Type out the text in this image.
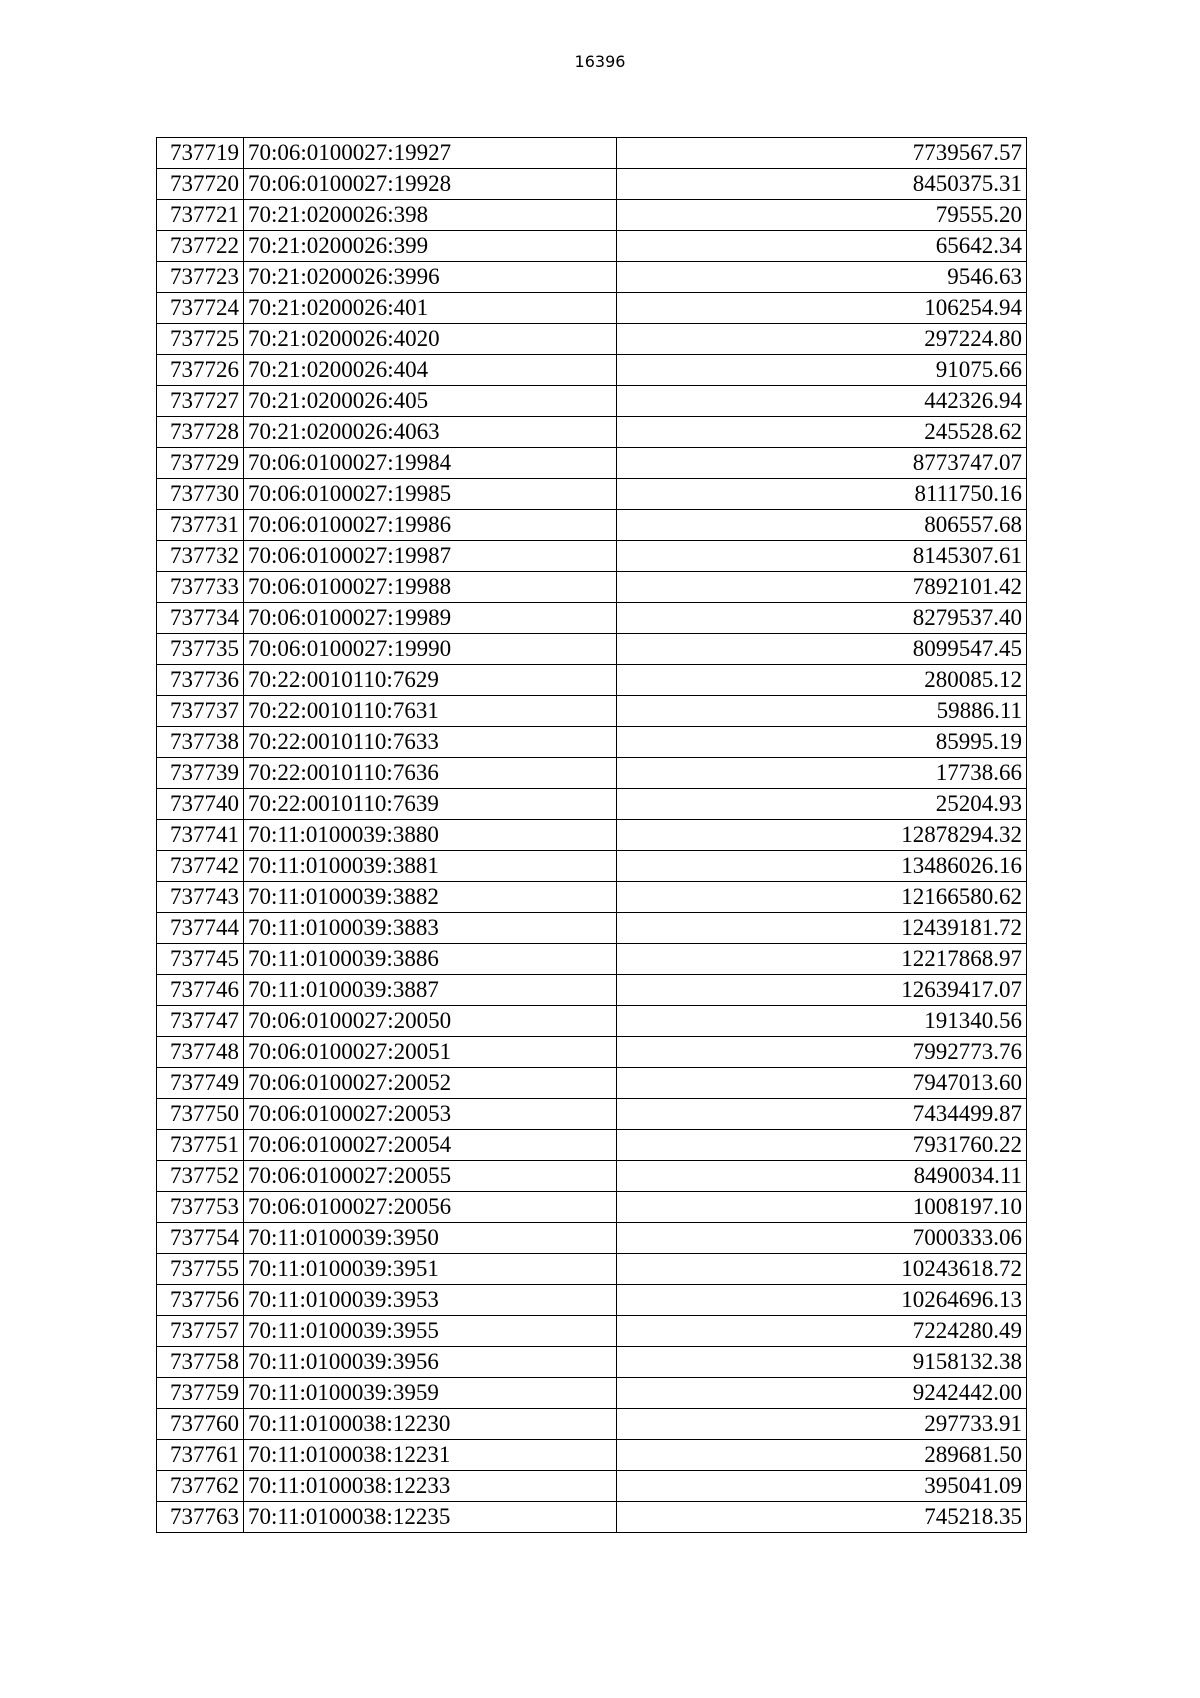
16396
737719	70:06:0100027:19927	7739567.57
737720	70:06:0100027:19928	8450375.31
737721	70:21:0200026:398	79555.20
737722	70:21:0200026:399	65642.34
737723	70:21:0200026:3996	9546.63
737724	70:21:0200026:401	106254.94
737725	70:21:0200026:4020	297224.80
737726	70:21:0200026:404	91075.66
737727	70:21:0200026:405	442326.94
737728	70:21:0200026:4063	245528.62
737729	70:06:0100027:19984	8773747.07
737730	70:06:0100027:19985	8111750.16
737731	70:06:0100027:19986	806557.68
737732	70:06:0100027:19987	8145307.61
737733	70:06:0100027:19988	7892101.42
737734	70:06:0100027:19989	8279537.40
737735	70:06:0100027:19990	8099547.45
737736	70:22:0010110:7629	280085.12
737737	70:22:0010110:7631	59886.11
737738	70:22:0010110:7633	85995.19
737739	70:22:0010110:7636	17738.66
737740	70:22:0010110:7639	25204.93
737741	70:11:0100039:3880	12878294.32
737742	70:11:0100039:3881	13486026.16
737743	70:11:0100039:3882	12166580.62
737744	70:11:0100039:3883	12439181.72
737745	70:11:0100039:3886	12217868.97
737746	70:11:0100039:3887	12639417.07
737747	70:06:0100027:20050	191340.56
737748	70:06:0100027:20051	7992773.76
737749	70:06:0100027:20052	7947013.60
737750	70:06:0100027:20053	7434499.87
737751	70:06:0100027:20054	7931760.22
737752	70:06:0100027:20055	8490034.11
737753	70:06:0100027:20056	1008197.10
737754	70:11:0100039:3950	7000333.06
737755	70:11:0100039:3951	10243618.72
737756	70:11:0100039:3953	10264696.13
737757	70:11:0100039:3955	7224280.49
737758	70:11:0100039:3956	9158132.38
737759	70:11:0100039:3959	9242442.00
737760	70:11:0100038:12230	297733.91
737761	70:11:0100038:12231	289681.50
737762	70:11:0100038:12233	395041.09
737763	70:11:0100038:12235	745218.35
